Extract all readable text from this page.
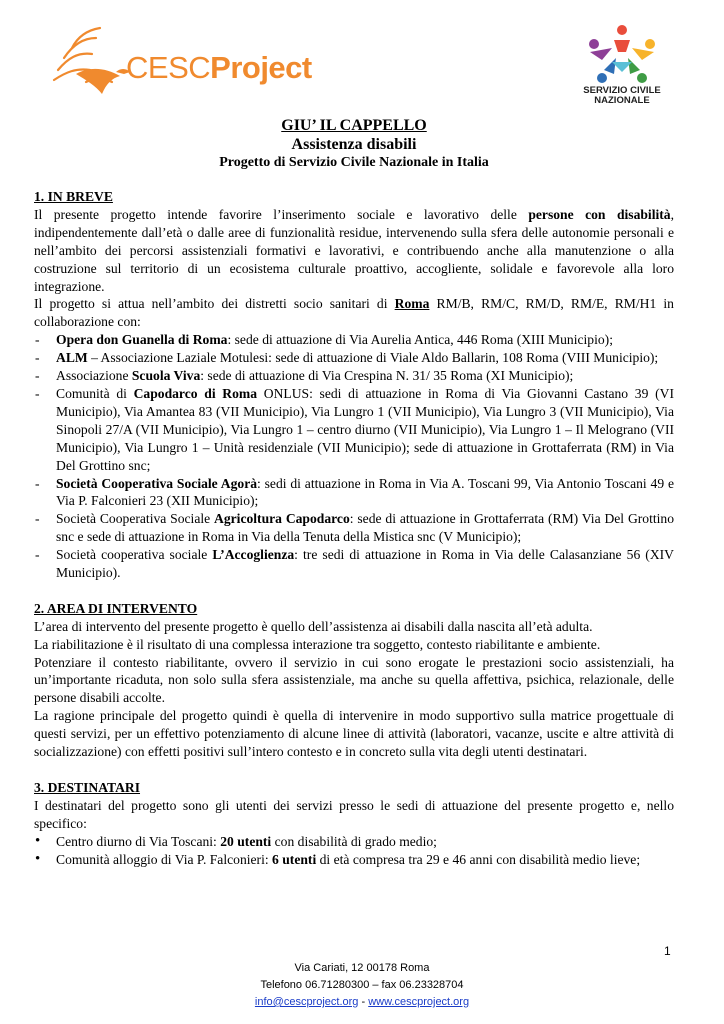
CESCProject
SERVIZIO CIVILE
NAZIONALE
GIU’ IL CAPPELLO
Assistenza disabili
Progetto di Servizio Civile Nazionale in Italia
1. IN BREVE

Il presente progetto intende favorire l’inserimento sociale e lavorativo delle persone con disabilità, indipendentemente dall’età o dalle aree di funzionalità residue, intervenendo sulla sfera delle autonomie personali e nell’ambito dei percorsi assistenziali formativi e lavorativi, e contribuendo anche alla manutenzione o alla costruzione sul territorio di un ecosistema culturale proattivo, accogliente, solidale e favorevole alla loro integrazione.

Il progetto si attua nell’ambito dei distretti socio sanitari di Roma RM/B, RM/C, RM/D, RM/E, RM/H1 in collaborazione con:

- Opera don Guanella di Roma: sede di attuazione di Via Aurelia Antica, 446 Roma (XIII Municipio);
- ALM – Associazione Laziale Motulesi: sede di attuazione di Viale Aldo Ballarin, 108 Roma (VIII Municipio);
- Associazione Scuola Viva: sede di attuazione di Via Crespina N. 31/ 35 Roma (XI Municipio);
- Comunità di Capodarco di Roma ONLUS: sedi di attuazione in Roma di Via Giovanni Castano 39 (VI Municipio), Via Amantea 83 (VII Municipio), Via Lungro 1 (VII Municipio), Via Lungro 3 (VII Municipio), Via Sinopoli 27/A (VII Municipio), Via Lungro 1 – centro diurno (VII Municipio), Via Lungro 1 – Il Melograno (VII Municipio), Via Lungro 1 – Unità residenziale (VII Municipio); sede di attuazione in Grottaferrata (RM) in Via Del Grottino snc;
- Società Cooperativa Sociale Agorà: sedi di attuazione in Roma in Via A. Toscani 99, Via Antonio Toscani 49 e Via P. Falconieri 23 (XII Municipio);
- Società Cooperativa Sociale Agricoltura Capodarco: sede di attuazione in Grottaferrata (RM) Via Del Grottino snc e sede di attuazione in Roma in Via della Tenuta della Mistica snc (V Municipio);
- Società cooperativa sociale L’Accoglienza: tre sedi di attuazione in Roma in Via delle Calasanziane 56 (XIV Municipio).
2. AREA DI INTERVENTO

L’area di intervento del presente progetto è quello dell’assistenza ai disabili dalla nascita all’età adulta.

La riabilitazione è il risultato di una complessa interazione tra soggetto, contesto riabilitante e ambiente.

Potenziare il contesto riabilitante, ovvero il servizio in cui sono erogate le prestazioni socio assistenziali, ha un’importante ricaduta, non solo sulla sfera assistenziale, ma anche su quella affettiva, psichica, relazionale, delle persone disabili accolte.

La ragione principale del progetto quindi è quella di intervenire in modo supportivo sulla matrice progettuale di questi servizi, per un effettivo potenziamento di alcune linee di attività (laboratori, vacanze, uscite e altre attività di socializzazione) con effetti positivi sull’intero contesto e in concreto sulla vita degli utenti destinatari.

3. DESTINATARI

I destinatari del progetto sono gli utenti dei servizi presso le sedi di attuazione del presente progetto e, nello specifico:

• Centro diurno di Via Toscani: 20 utenti con disabilità di grado medio;
• Comunità alloggio di Via P. Falconieri: 6 utenti di età compresa tra 29 e 46 anni con disabilità medio lieve;
1
Via Cariati, 12 00178 Roma
Telefono 06.71280300 – fax 06.23328704
info@cescproject.org - www.cescproject.org
